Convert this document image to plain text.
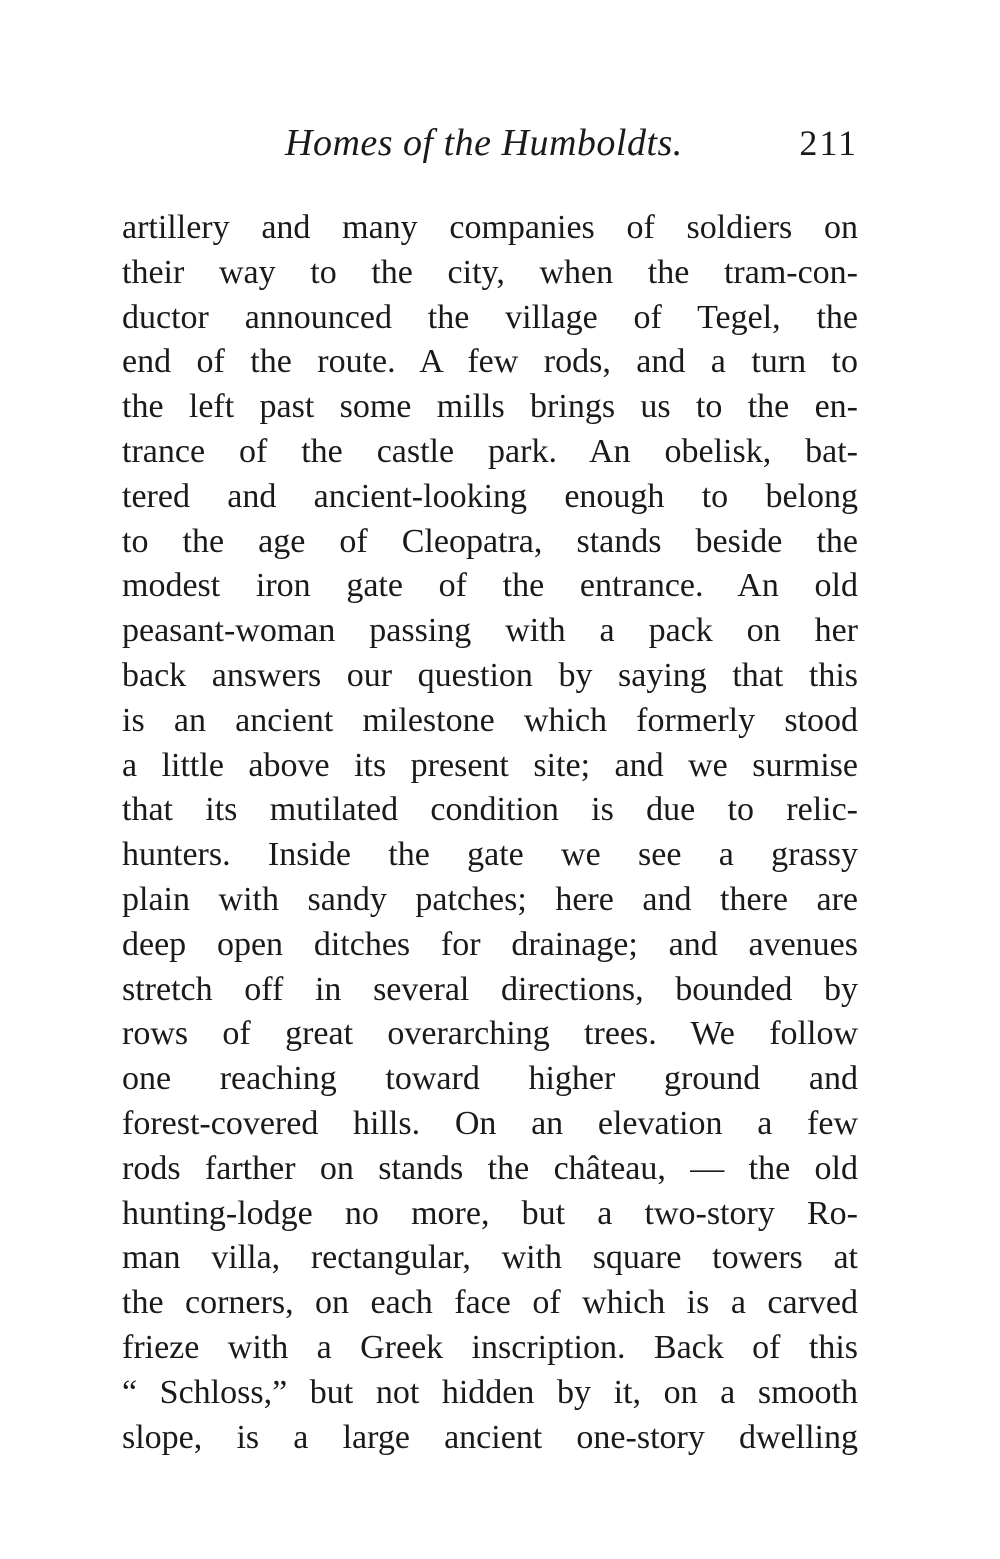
Homes of the Humboldts.	211
artillery and many companies of soldiers on
their way to the city, when the tram-con-
ductor announced the village of Tegel, the
end of the route. A few rods, and a turn to
the left past some mills brings us to the en-
trance of the castle park. An obelisk, bat-
tered and ancient-looking enough to belong
to the age of Cleopatra, stands beside the
modest iron gate of the entrance. An old
peasant-woman passing with a pack on her
back answers our question by saying that this
is an ancient milestone which formerly stood
a little above its present site; and we surmise
that its mutilated condition is due to relic-
hunters. Inside the gate we see a grassy
plain with sandy patches; here and there are
deep open ditches for drainage; and avenues
stretch off in several directions, bounded by
rows of great overarching trees. We follow
one reaching toward higher ground and
forest-covered hills. On an elevation a few
rods farther on stands the château, — the old
hunting-lodge no more, but a two-story Ro-
man villa, rectangular, with square towers at
the corners, on each face of which is a carved
frieze with a Greek inscription. Back of this
“ Schloss,” but not hidden by it, on a smooth
slope, is a large ancient one-story dwelling
